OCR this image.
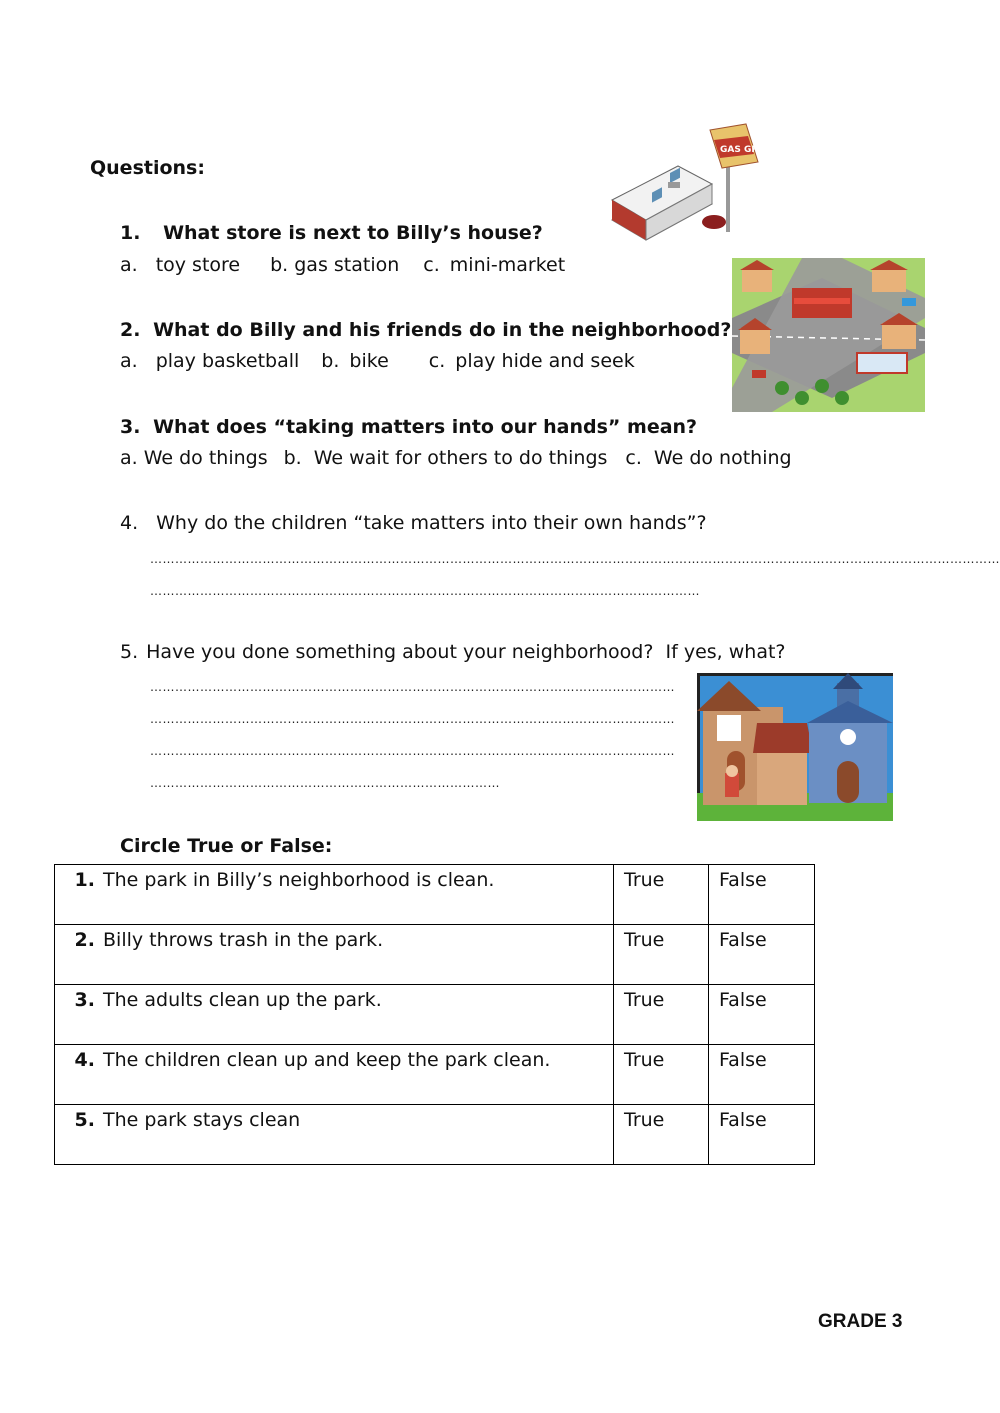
Questions:
1. What store is next to Billy’s house?
a. toy store b. gas station c. mini-market
2. What do Billy and his friends do in the neighborhood?
a. play basketball b. bike c. play hide and seek
3. What does “taking matters into our hands” mean?
a. We do things b. We wait for others to do things c. We do nothing
4. Why do the children “take matters into their own hands”?
……………………………………………………………………………………………………………………………………………………………………………………
……………………………………………………………………………………………………………………
5. Have you done something about your neighborhood?  If yes, what?
………………………………………………………………………………………………………………
………………………………………………………………………………………………………………
………………………………………………………………………………………………………………
…………………………………………………………………………
Circle True or False:
1. The park in Billy’s neighborhood is clean.	True	False
2. Billy throws trash in the park.	True	False
3. The adults clean up the park.	True	False
4. The children clean up and keep the park clean.	True	False
5. The park stays clean	True	False
GAS GRUB
GRADE 3
